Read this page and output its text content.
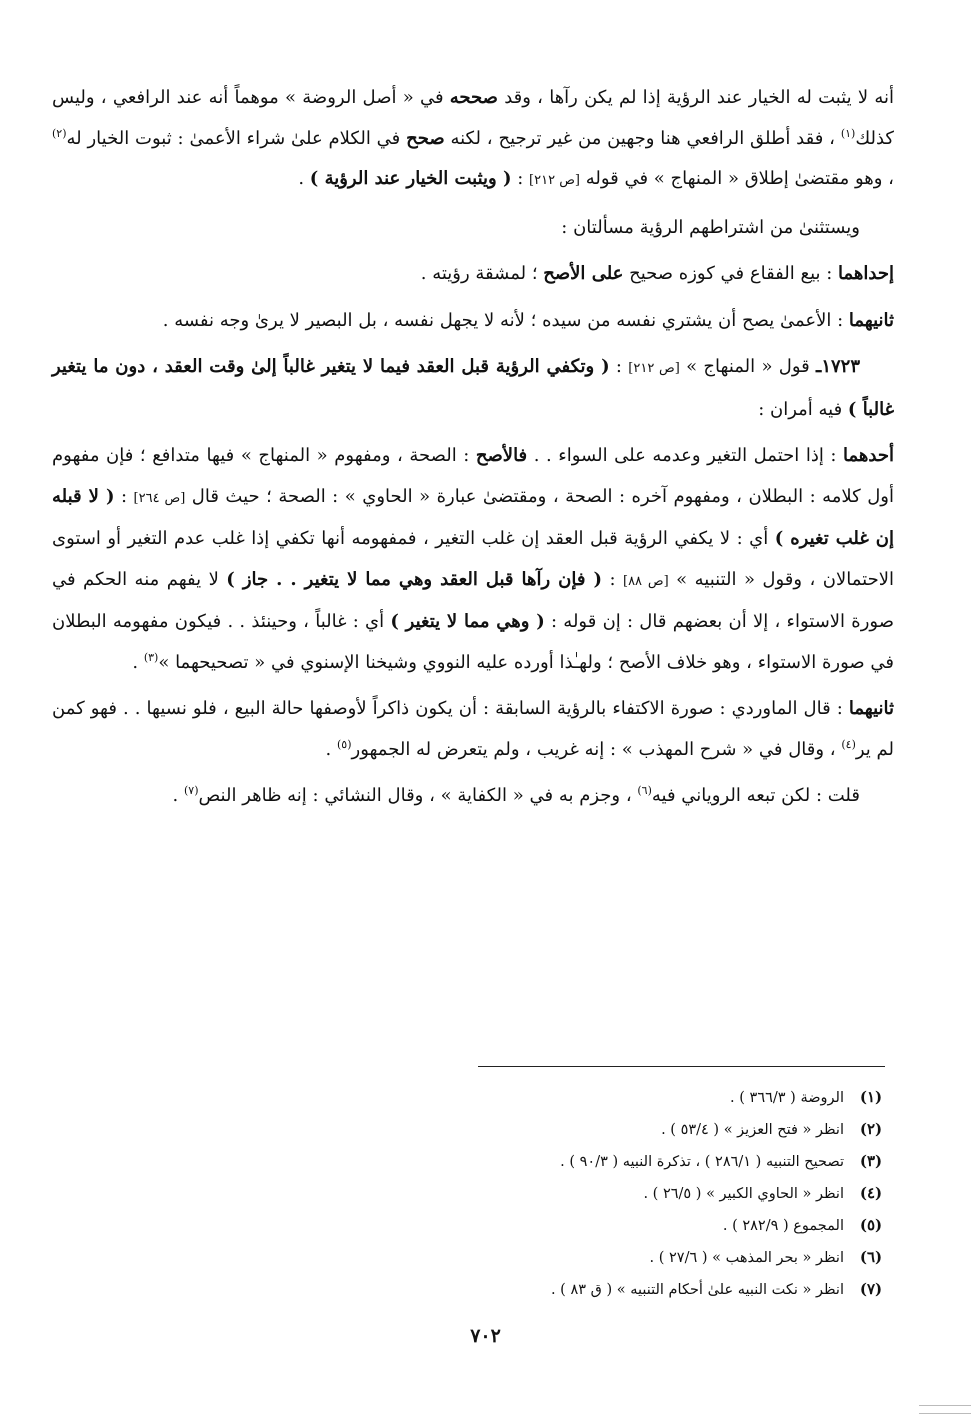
أنه لا يثبت له الخيار عند الرؤية إذا لم يكن رآها ، وقد صححه في « أصل الروضة » موهماً أنه عند الرافعي ، وليس كذلك$^{(١)}$ ، فقد أطلق الرافعي هنا وجهين من غير ترجيح ، لكنه صحح في الكلام علىٰ شراء الأعمىٰ : ثبوت الخيار له$^{(٢)}$ ، وهو مقتضىٰ إطلاق « المنهاج » في قوله [ص ٢١٢] : ( ويثبت الخيار عند الرؤية ) .

ويستثنىٰ من اشتراطهم الرؤية مسألتان :

إحداهما : بيع الفقاع في كوزه صحيح على الأصح ؛ لمشقة رؤيته .

ثانيهما : الأعمىٰ يصح أن يشتري نفسه من سيده ؛ لأنه لا يجهل نفسه ، بل البصير لا يرىٰ وجه نفسه .

١٧٢٣ـ قول « المنهاج » [ص ٢١٢] : ( وتكفي الرؤية قبل العقد فيما لا يتغير غالباً إلىٰ وقت العقد ، دون ما يتغير غالباً ) فيه أمران :

أحدهما : إذا احتمل التغير وعدمه على السواء . . فالأصح : الصحة ، ومفهوم « المنهاج » فيها متدافع ؛ فإن مفهوم أول كلامه : البطلان ، ومفهوم آخره : الصحة ، ومقتضىٰ عبارة « الحاوي » : الصحة ؛ حيث قال [ص ٢٦٤] : ( لا قبله إن غلب تغيره ) أي : لا يكفي الرؤية قبل العقد إن غلب التغير ، فمفهومه أنها تكفي إذا غلب عدم التغير أو استوى الاحتمالان ، وقول « التنبيه » [ص ٨٨] : ( فإن رآها قبل العقد وهي مما لا يتغير . . جاز ) لا يفهم منه الحكم في صورة الاستواء ، إلا أن بعضهم قال : إن قوله : ( وهي مما لا يتغير ) أي : غالباً ، وحينئذ . . فيكون مفهومه البطلان في صورة الاستواء ، وهو خلاف الأصح ؛ ولهـٰذا أورده عليه النووي وشيخنا الإسنوي في « تصحيحهما »$^{(٣)}$ .

ثانيهما : قال الماوردي : صورة الاكتفاء بالرؤية السابقة : أن يكون ذاكراً لأوصفها حالة البيع ، فلو نسيها . . فهو كمن لم ير$^{(٤)}$ ، وقال في « شرح المهذب » : إنه غريب ، ولم يتعرض له الجمهور$^{(٥)}$ .

قلت : لكن تبعه الروياني فيه$^{(٦)}$ ، وجزم به في « الكفاية » ، وقال النشائي : إنه ظاهر النص$^{(٧)}$ .

(١)
الروضة ( ٣٦٦/٣ ) .
(٢)
انظر « فتح العزيز » ( ٥٣/٤ ) .
(٣)
تصحيح التنبيه ( ٢٨٦/١ ) ، تذكرة النبيه ( ٩٠/٣ ) .
(٤)
انظر « الحاوي الكبير » ( ٢٦/٥ ) .
(٥)
المجموع ( ٢٨٢/٩ ) .
(٦)
انظر « بحر المذهب » ( ٢٧/٦ ) .
(٧)
انظر « نكت النبيه علىٰ أحكام التنبيه » ( ق ٨٣ ) .
٧٠٢
